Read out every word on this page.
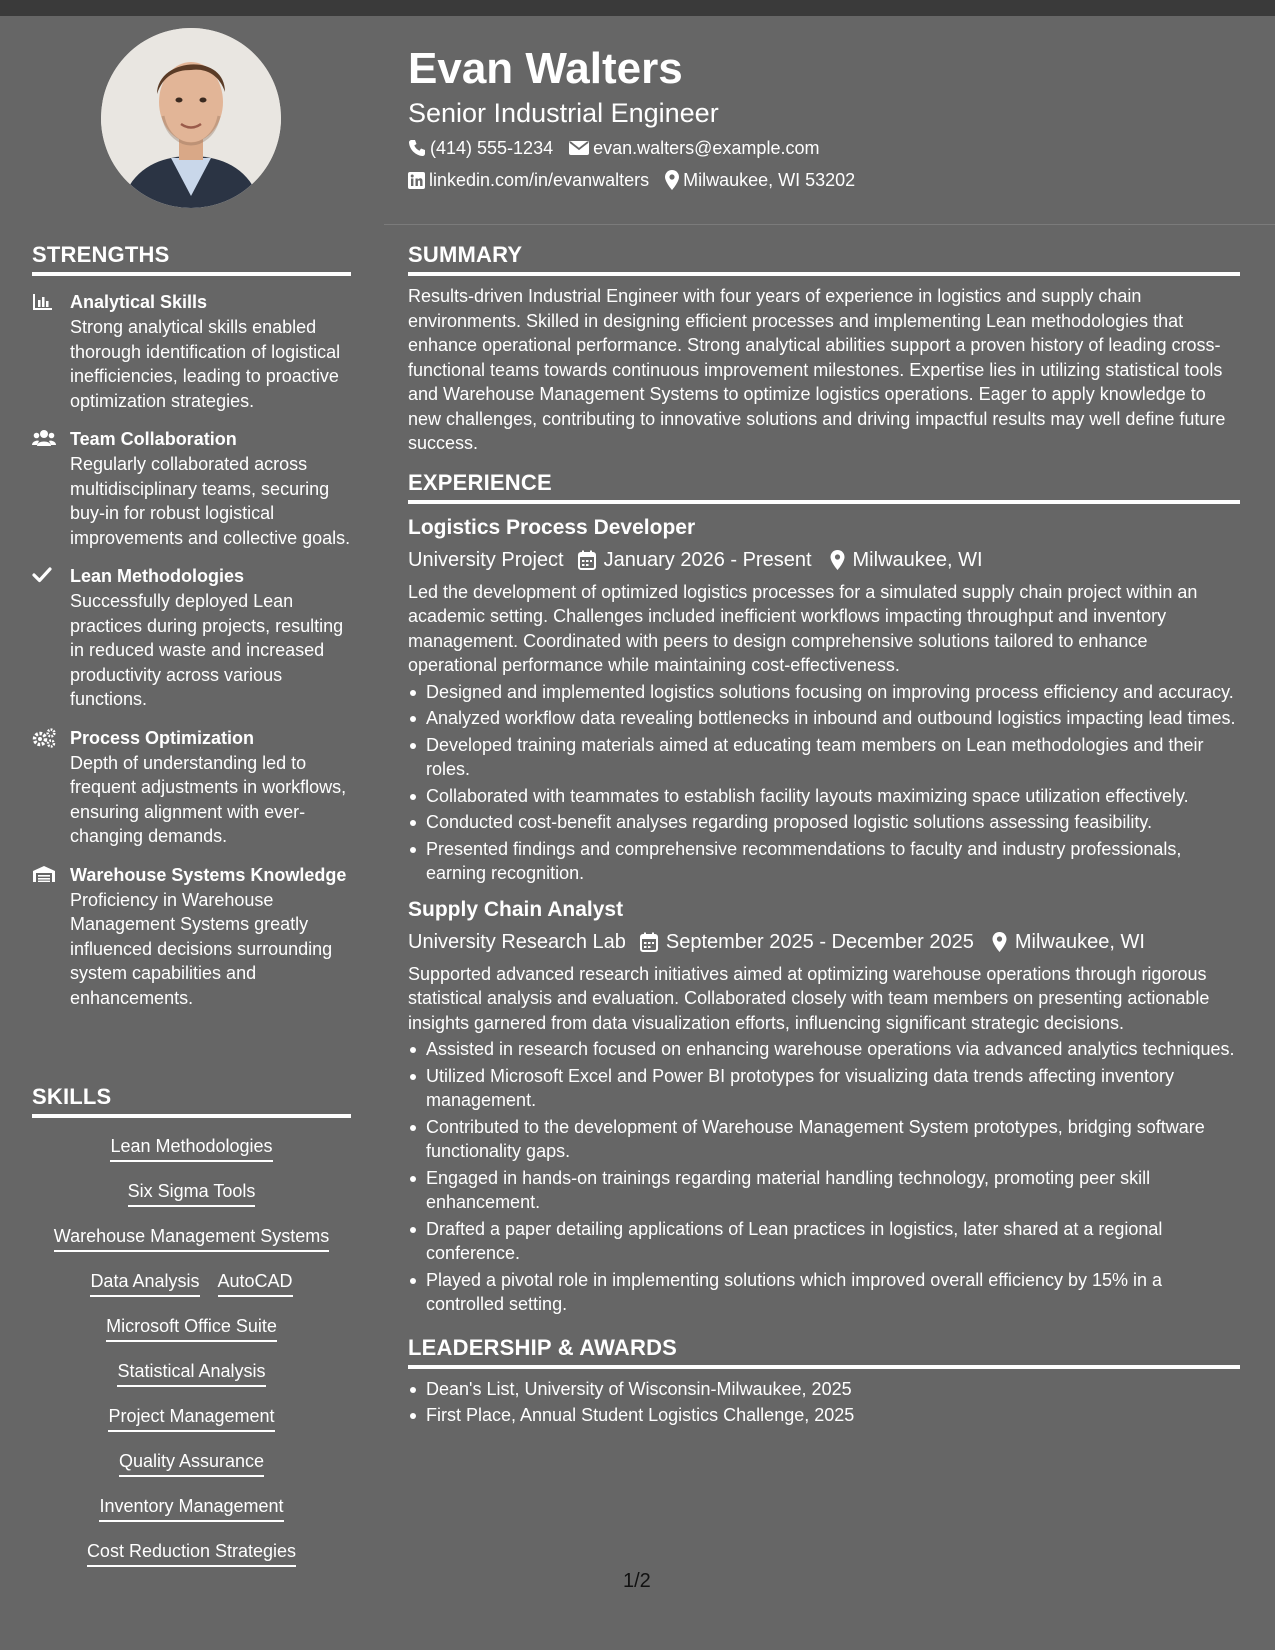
STRENGTHS
Analytical Skills
Strong analytical skills enabled thorough identification of logistical inefficiencies, leading to proactive optimization strategies.
Team Collaboration
Regularly collaborated across multidisciplinary teams, securing buy-in for robust logistical improvements and collective goals.
Lean Methodologies
Successfully deployed Lean practices during projects, resulting in reduced waste and increased productivity across various functions.
Process Optimization
Depth of understanding led to frequent adjustments in workflows, ensuring alignment with ever-changing demands.
Warehouse Systems Knowledge
Proficiency in Warehouse Management Systems greatly influenced decisions surrounding system capabilities and enhancements.
SKILLS
Lean Methodologies
Six Sigma Tools
Warehouse Management Systems
Data Analysis AutoCAD
Microsoft Office Suite
Statistical Analysis
Project Management
Quality Assurance
Inventory Management
Cost Reduction Strategies
Evan Walters
Senior Industrial Engineer
(414) 555-1234 evan.walters@example.com
linkedin.com/in/evanwalters Milwaukee, WI 53202
SUMMARY
Results-driven Industrial Engineer with four years of experience in logistics and supply chain environments. Skilled in designing efficient processes and implementing Lean methodologies that enhance operational performance. Strong analytical abilities support a proven history of leading cross-functional teams towards continuous improvement milestones. Expertise lies in utilizing statistical tools and Warehouse Management Systems to optimize logistics operations. Eager to apply knowledge to new challenges, contributing to innovative solutions and driving impactful results may well define future success.
EXPERIENCE
Logistics Process Developer
University Project January 2026 - Present Milwaukee, WI
Led the development of optimized logistics processes for a simulated supply chain project within an academic setting. Challenges included inefficient workflows impacting throughput and inventory management. Coordinated with peers to design comprehensive solutions tailored to enhance operational performance while maintaining cost-effectiveness.
Designed and implemented logistics solutions focusing on improving process efficiency and accuracy.
Analyzed workflow data revealing bottlenecks in inbound and outbound logistics impacting lead times.
Developed training materials aimed at educating team members on Lean methodologies and their roles.
Collaborated with teammates to establish facility layouts maximizing space utilization effectively.
Conducted cost-benefit analyses regarding proposed logistic solutions assessing feasibility.
Presented findings and comprehensive recommendations to faculty and industry professionals, earning recognition.
Supply Chain Analyst
University Research Lab September 2025 - December 2025 Milwaukee, WI
Supported advanced research initiatives aimed at optimizing warehouse operations through rigorous statistical analysis and evaluation. Collaborated closely with team members on presenting actionable insights garnered from data visualization efforts, influencing significant strategic decisions.
Assisted in research focused on enhancing warehouse operations via advanced analytics techniques.
Utilized Microsoft Excel and Power BI prototypes for visualizing data trends affecting inventory management.
Contributed to the development of Warehouse Management System prototypes, bridging software functionality gaps.
Engaged in hands-on trainings regarding material handling technology, promoting peer skill enhancement.
Drafted a paper detailing applications of Lean practices in logistics, later shared at a regional conference.
Played a pivotal role in implementing solutions which improved overall efficiency by 15% in a controlled setting.
LEADERSHIP & AWARDS
Dean's List, University of Wisconsin-Milwaukee, 2025
First Place, Annual Student Logistics Challenge, 2025
1/2
